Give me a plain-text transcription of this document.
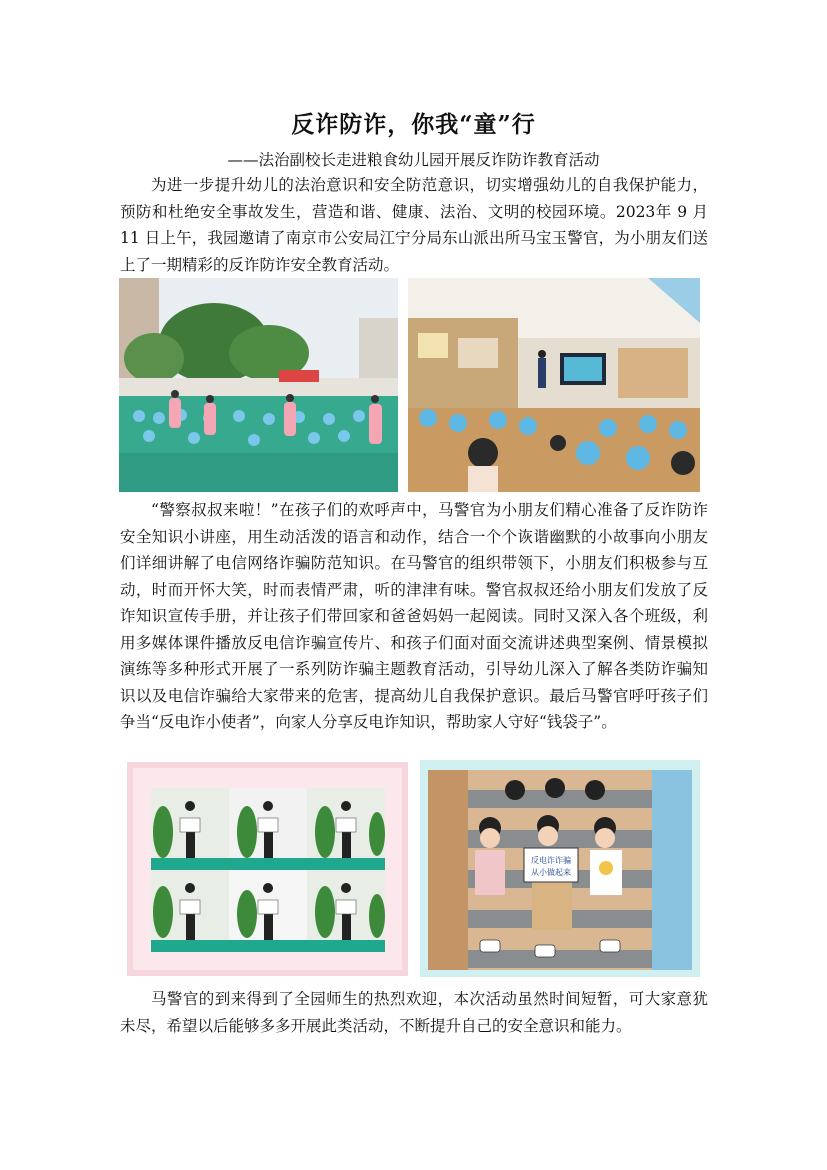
反诈防诈，你我“童”行
——法治副校长走进粮食幼儿园开展反诈防诈教育活动

为进一步提升幼儿的法治意识和安全防范意识，切实增强幼儿的自我保护能力，预防和杜绝安全事故发生，营造和谐、健康、法治、文明的校园环境。2023年 9 月 11 日上午，我园邀请了南京市公安局江宁分局东山派出所马宝玉警官，为小朋友们送上了一期精彩的反诈防诈安全教育活动。

“警察叔叔来啦！”在孩子们的欢呼声中，马警官为小朋友们精心准备了反诈防诈安全知识小讲座，用生动活泼的语言和动作，结合一个个诙谐幽默的小故事向小朋友们详细讲解了电信网络诈骗防范知识。在马警官的组织带领下，小朋友们积极参与互动，时而开怀大笑，时而表情严肃，听的津津有味。警官叔叔还给小朋友们发放了反诈知识宣传手册，并让孩子们带回家和爸爸妈妈一起阅读。同时又深入各个班级，利用多媒体课件播放反电信诈骗宣传片、和孩子们面对面交流讲述典型案例、情景模拟演练等多种形式开展了一系列防诈骗主题教育活动，引导幼儿深入了解各类防诈骗知识以及电信诈骗给大家带来的危害，提高幼儿自我保护意识。最后马警官呼吁孩子们争当“反电诈小使者”，向家人分享反电诈知识，帮助家人守好“钱袋子”。

反电诈诈骗
从小做起来

马警官的到来得到了全园师生的热烈欢迎，本次活动虽然时间短暂，可大家意犹未尽，希望以后能够多多开展此类活动，不断提升自己的安全意识和能力。
